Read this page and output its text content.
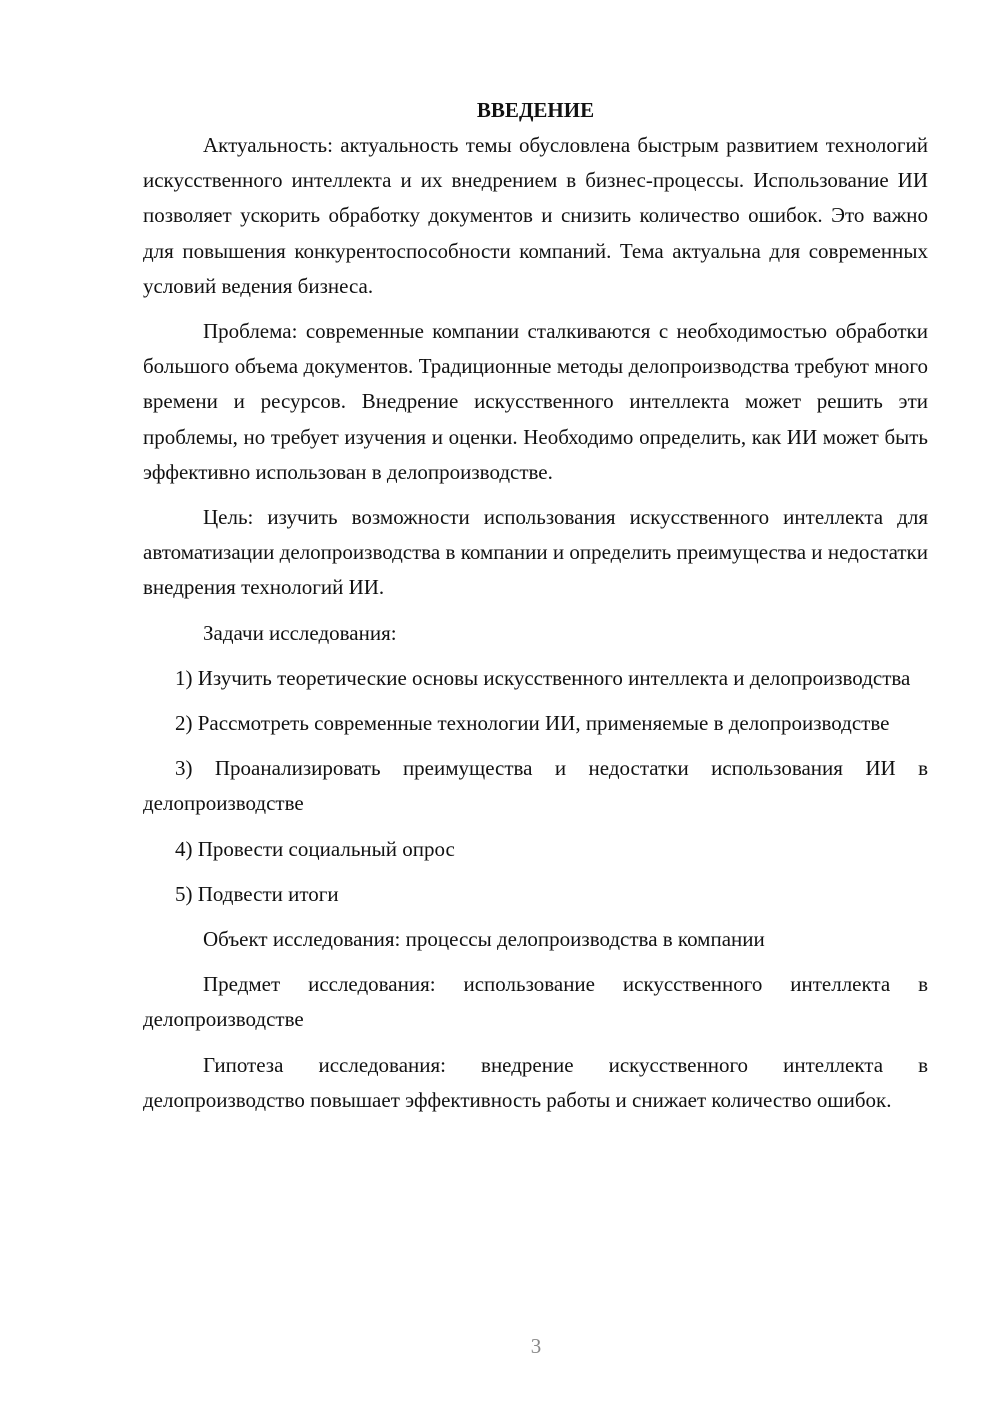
ВВЕДЕНИЕ

Актуальность: актуальность темы обусловлена быстрым развитием технологий искусственного интеллекта и их внедрением в бизнес-процессы. Использование ИИ позволяет ускорить обработку документов и снизить количество ошибок. Это важно для повышения конкурентоспособности компаний. Тема актуальна для современных условий ведения бизнеса.

Проблема: современные компании сталкиваются с необходимостью обработки большого объема документов. Традиционные методы делопроизводства требуют много времени и ресурсов. Внедрение искусственного интеллекта может решить эти проблемы, но требует изучения и оценки. Необходимо определить, как ИИ может быть эффективно использован в делопроизводстве.

Цель: изучить возможности использования искусственного интеллекта для автоматизации делопроизводства в компании и определить преимущества и недостатки внедрения технологий ИИ.

Задачи исследования:

1) Изучить теоретические основы искусственного интеллекта и делопроизводства

2) Рассмотреть современные технологии ИИ, применяемые в делопроизводстве

3) Проанализировать преимущества и недостатки использования ИИ в делопроизводстве

4) Провести социальный опрос

5) Подвести итоги

Объект исследования: процессы делопроизводства в компании

Предмет исследования: использование искусственного интеллекта в делопроизводстве

Гипотеза исследования: внедрение искусственного интеллекта в делопроизводство повышает эффективность работы и снижает количество ошибок.

3
